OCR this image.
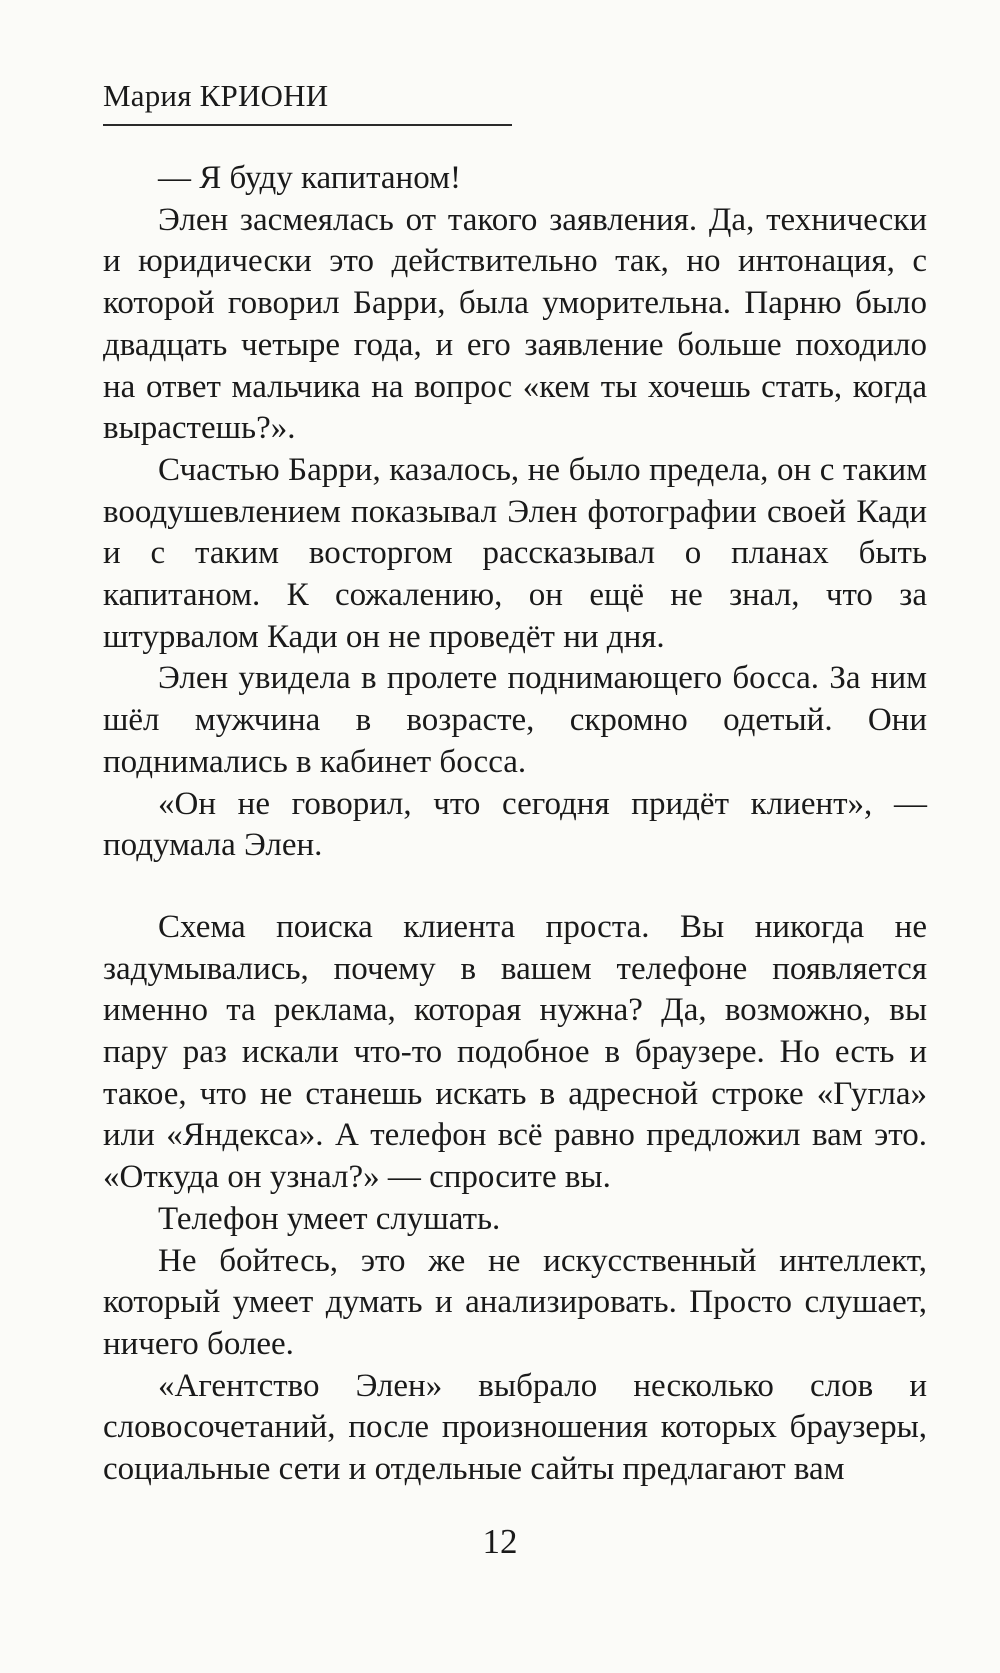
Мария КРИОНИ

— Я буду капитаном!

Элен засмеялась от такого заявления. Да, технически и юридически это действительно так, но интонация, с которой говорил Барри, была уморительна. Парню было двадцать четыре года, и его заявление больше походило на ответ мальчика на вопрос «кем ты хочешь стать, когда вырастешь?».

Счастью Барри, казалось, не было предела, он с таким воодушевлением показывал Элен фотографии своей Кади и с таким восторгом рассказывал о планах быть капитаном. К сожалению, он ещё не знал, что за штурвалом Кади он не проведёт ни дня.

Элен увидела в пролете поднимающего босса. За ним шёл мужчина в возрасте, скромно одетый. Они поднимались в кабинет босса.

«Он не говорил, что сегодня придёт клиент», — подумала Элен.

Схема поиска клиента проста. Вы никогда не задумывались, почему в вашем телефоне появляется именно та реклама, которая нужна? Да, возможно, вы пару раз искали что-то подобное в браузере. Но есть и такое, что не станешь искать в адресной строке «Гугла» или «Яндекса». А телефон всё равно предложил вам это. «Откуда он узнал?» — спросите вы.

Телефон умеет слушать.

Не бойтесь, это же не искусственный интеллект, который умеет думать и анализировать. Просто слушает, ничего более.

«Агентство Элен» выбрало несколько слов и словосочетаний, после произношения которых браузеры, социальные сети и отдельные сайты предлагают вам

12
